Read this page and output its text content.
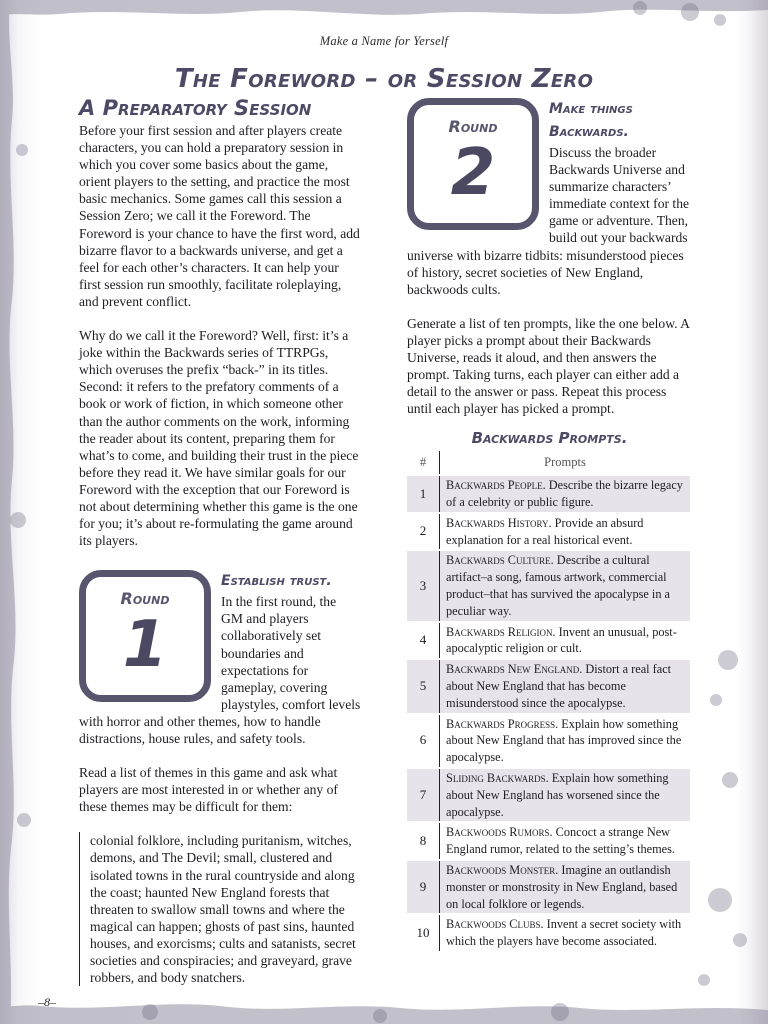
Make a Name for Yerself
The Foreword – or Session Zero
A Preparatory Session

Before your first session and after players create characters, you can hold a preparatory session in which you cover some basics about the game, orient players to the setting, and practice the most basic mechanics. Some games call this session a Session Zero; we call it the Foreword. The Foreword is your chance to have the first word, add bizarre flavor to a backwards universe, and get a feel for each other’s characters. It can help your first session run smoothly, facilitate roleplaying, and prevent conflict.

Why do we call it the Foreword? Well, first: it’s a joke within the Backwards series of TTRPGs, which overuses the prefix “back-” in its titles. Second: it refers to the prefatory comments of a book or work of fiction, in which someone other than the author comments on the work, informing the reader about its content, preparing them for what’s to come, and building their trust in the piece before they read it. We have similar goals for our Foreword with the exception that our Foreword is not about determining whether this game is the one for you; it’s about re-formulating the game around its players.

Round
1
Establish trust.

In the first round, the GM and players collaboratively set boundaries and expectations for gameplay, covering playstyles, comfort levels with horror and other themes, how to handle distractions, house rules, and safety tools.

Read a list of themes in this game and ask what players are most interested in or whether any of these themes may be difficult for them:

colonial folklore, including puritanism, witches, demons, and The Devil; small, clustered and isolated towns in the rural countryside and along the coast; haunted New England forests that threaten to swallow small towns and where the magical can happen; ghosts of past sins, haunted houses, and exorcisms; cults and satanists, secret societies and conspiracies; and graveyard, grave robbers, and body snatchers.
Round
2
Make things Backwards.

Discuss the broader Backwards Universe and summarize characters’ immediate context for the game or adventure. Then, build out your backwards universe with bizarre tidbits: misunderstood pieces of history, secret societies of New England, backwoods cults.

Generate a list of ten prompts, like the one below. A player picks a prompt about their Backwards Universe, reads it aloud, and then answers the prompt. Taking turns, each player can either add a detail to the answer or pass. Repeat this process until each player has picked a prompt.

Backwards Prompts.
#	Prompts
1	Backwards People. Describe the bizarre legacy of a celebrity or public figure.
2	Backwards History. Provide an absurd explanation for a real historical event.
3	Backwards Culture. Describe a cultural artifact–a song, famous artwork, commercial product–that has survived the apocalypse in a peculiar way.
4	Backwards Religion. Invent an unusual, post-apocalyptic religion or cult.
5	Backwards New England. Distort a real fact about New England that has become misunderstood since the apocalypse.
6	Backwards Progress. Explain how something about New England that has improved since the apocalypse.
7	Sliding Backwards. Explain how something about New England has worsened since the apocalypse.
8	Backwoods Rumors. Concoct a strange New England rumor, related to the setting’s themes.
9	Backwoods Monster. Imagine an outlandish monster or monstrosity in New England, based on local folklore or legends.
10	Backwoods Clubs. Invent a secret society with which the players have become associated.
–8–
